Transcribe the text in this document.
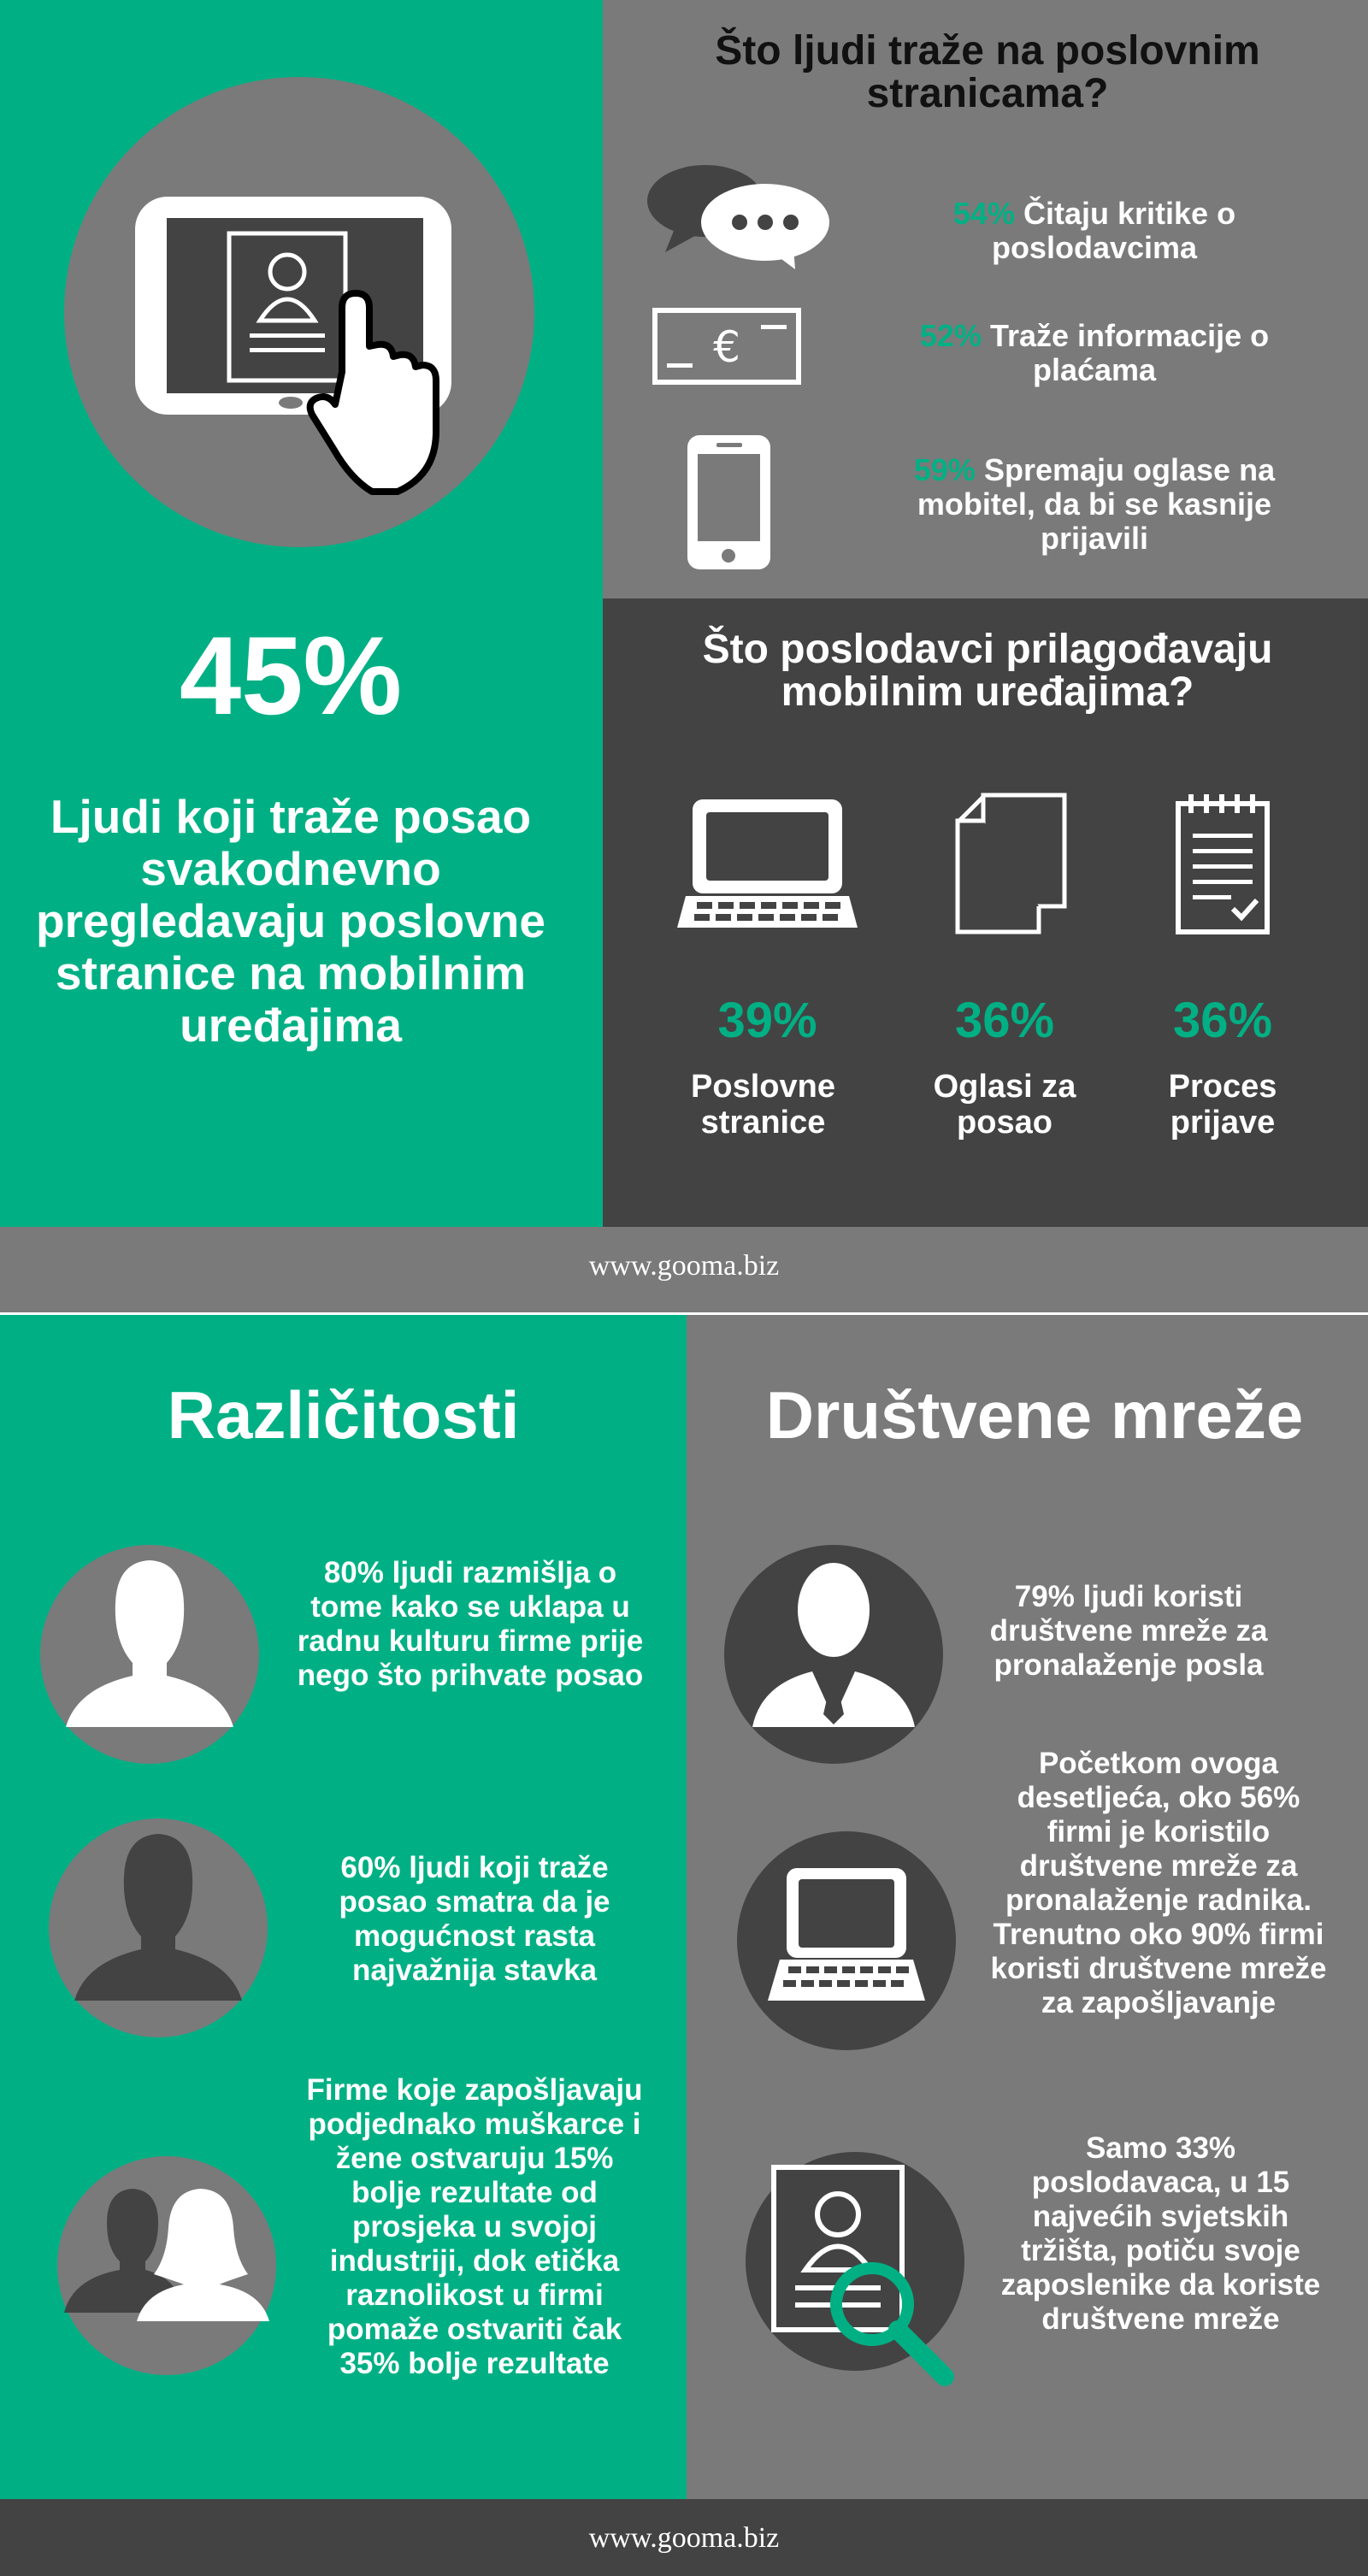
45%
Ljudi koji traže posao svakodnevno pregledavaju poslovne stranice na mobilnim uređajima
Što ljudi traže na poslovnim stranicama?
54% Čitaju kritike o poslodavcima
€	52% Traže informacije o plaćama
59% Spremaju oglase na mobitel, da bi se kasnije prijavili
Što poslodavci prilagođavaju mobilnim uređajima?
39%	36%	36%
Poslovne stranice
Oglasi za posao
Proces prijave
www.gooma.biz
Različitosti	Društvene mreže
80% ljudi razmišlja o tome kako se uklapa u radnu kulturu firme prije nego što prihvate posao
60% ljudi koji traže posao smatra da je mogućnost rasta najvažnija stavka
Firme koje zapošljavaju podjednako muškarce i žene ostvaruju 15% bolje rezultate od prosjeka u svojoj industriji, dok etička raznolikost u firmi pomaže ostvariti čak 35% bolje rezultate
79% ljudi koristi društvene mreže za pronalaženje posla
Početkom ovoga desetljeća, oko 56% firmi je koristilo društvene mreže za pronalaženje radnika. Trenutno oko 90% firmi koristi društvene mreže za zapošljavanje
Samo 33% poslodavaca, u 15 najvećih svjetskih tržišta, potiču svoje zaposlenike da koriste društvene mreže
www.gooma.biz
